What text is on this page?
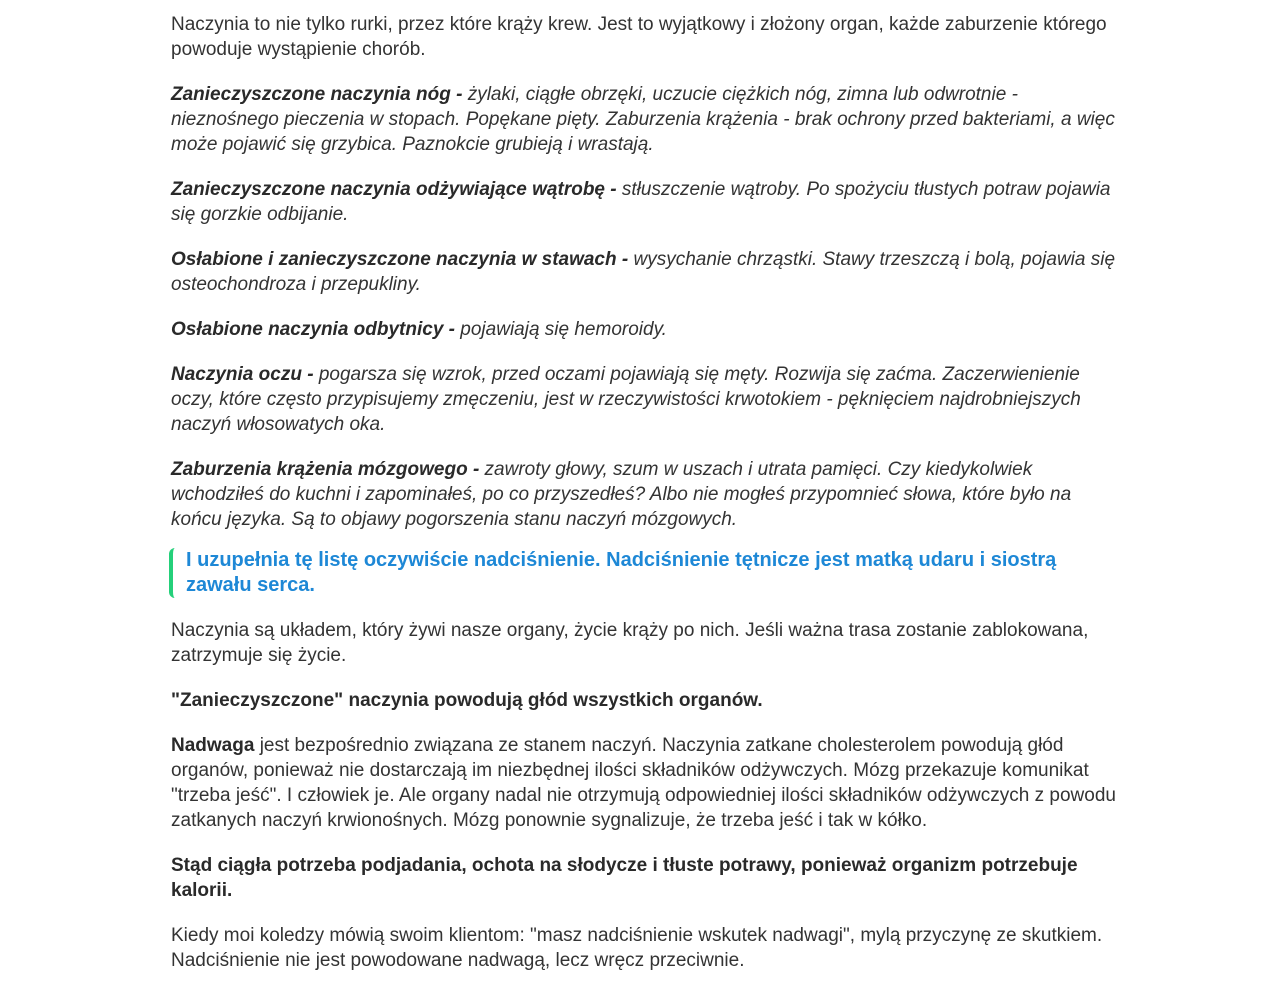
Naczynia to nie tylko rurki, przez które krąży krew. Jest to wyjątkowy i złożony organ, każde zaburzenie którego powoduje wystąpienie chorób.

Zanieczyszczone naczynia nóg - żylaki, ciągłe obrzęki, uczucie ciężkich nóg, zimna lub odwrotnie - nieznośnego pieczenia w stopach. Popękane pięty. Zaburzenia krążenia - brak ochrony przed bakteriami, a więc może pojawić się grzybica. Paznokcie grubieją i wrastają.

Zanieczyszczone naczynia odżywiające wątrobę - stłuszczenie wątroby. Po spożyciu tłustych potraw pojawia się gorzkie odbijanie.

Osłabione i zanieczyszczone naczynia w stawach - wysychanie chrząstki. Stawy trzeszczą i bolą, pojawia się osteochondroza i przepukliny.

Osłabione naczynia odbytnicy - pojawiają się hemoroidy.

Naczynia oczu - pogarsza się wzrok, przed oczami pojawiają się męty. Rozwija się zaćma. Zaczerwienienie oczy, które często przypisujemy zmęczeniu, jest w rzeczywistości krwotokiem - pęknięciem najdrobniejszych naczyń włosowatych oka.

Zaburzenia krążenia mózgowego - zawroty głowy, szum w uszach i utrata pamięci. Czy kiedykolwiek wchodziłeś do kuchni i zapominałeś, po co przyszedłeś? Albo nie mogłeś przypomnieć słowa, które było na końcu języka. Są to objawy pogorszenia stanu naczyń mózgowych.

I uzupełnia tę listę oczywiście nadciśnienie. Nadciśnienie tętnicze jest matką udaru i siostrą zawału serca.

Naczynia są układem, który żywi nasze organy, życie krąży po nich. Jeśli ważna trasa zostanie zablokowana, zatrzymuje się życie.

"Zanieczyszczone" naczynia powodują głód wszystkich organów.

Nadwaga jest bezpośrednio związana ze stanem naczyń. Naczynia zatkane cholesterolem powodują głód organów, ponieważ nie dostarczają im niezbędnej ilości składników odżywczych. Mózg przekazuje komunikat "trzeba jeść". I człowiek je. Ale organy nadal nie otrzymują odpowiedniej ilości składników odżywczych z powodu zatkanych naczyń krwionośnych. Mózg ponownie sygnalizuje, że trzeba jeść i tak w kółko.

Stąd ciągła potrzeba podjadania, ochota na słodycze i tłuste potrawy, ponieważ organizm potrzebuje kalorii.

Kiedy moi koledzy mówią swoim klientom: "masz nadciśnienie wskutek nadwagi", mylą przyczynę ze skutkiem. Nadciśnienie nie jest powodowane nadwagą, lecz wręcz przeciwnie.
